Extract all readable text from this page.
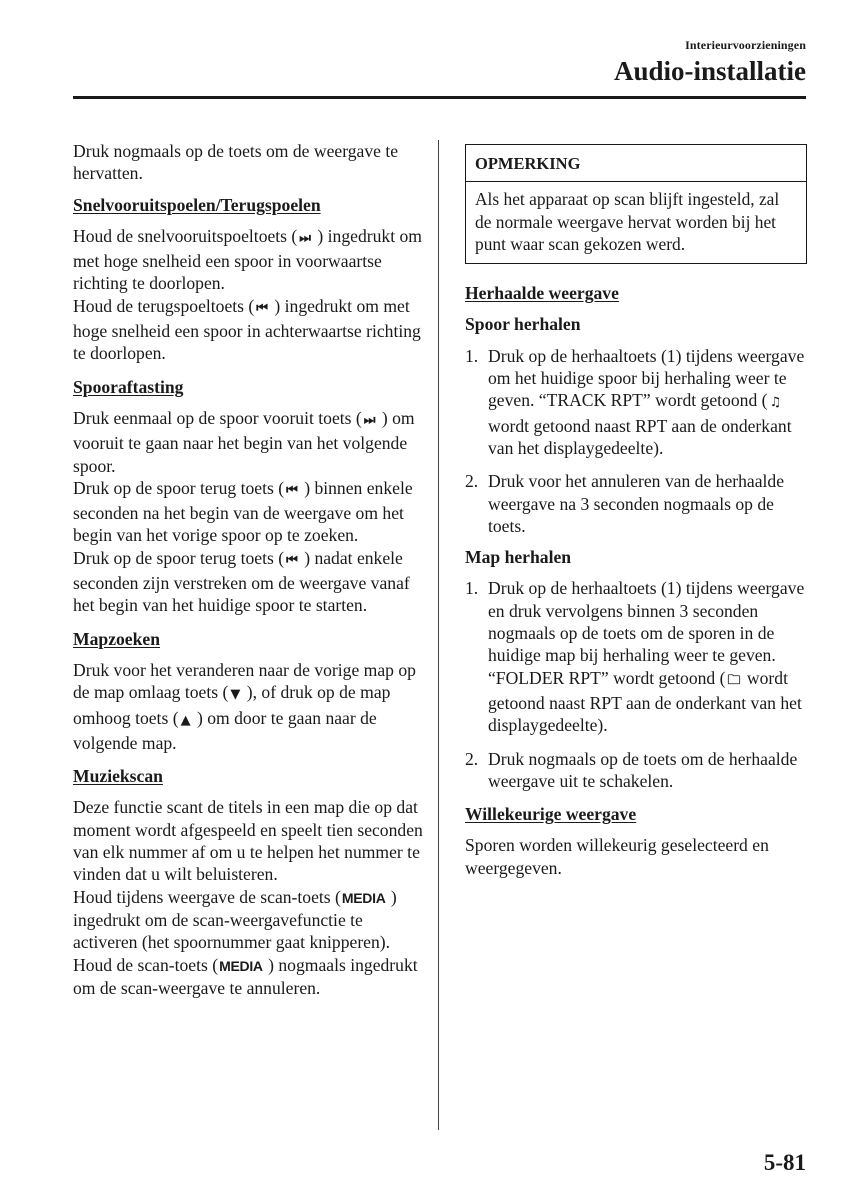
Interieurvoorzieningen
Audio-installatie

Druk nogmaals op de toets om de weergave te hervatten.

Snelvooruitspoelen/Terugspoelen

Houd de snelvooruitspoeltoets ( ⏭ ) ingedrukt om met hoge snelheid een spoor in voorwaartse richting te doorlopen.

Houd de terugspoeltoets ( ⏮ ) ingedrukt om met hoge snelheid een spoor in achterwaartse richting te doorlopen.

Spooraftasting

Druk eenmaal op de spoor vooruit toets ( ⏭ ) om vooruit te gaan naar het begin van het volgende spoor.

Druk op de spoor terug toets ( ⏮ ) binnen enkele seconden na het begin van de weergave om het begin van het vorige spoor op te zoeken.

Druk op de spoor terug toets ( ⏮ ) nadat enkele seconden zijn verstreken om de weergave vanaf het begin van het huidige spoor te starten.

Mapzoeken

Druk voor het veranderen naar de vorige map op de map omlaag toets ( ▼ ), of druk op de map omhoog toets ( ▲ ) om door te gaan naar de volgende map.

Muziekscan

Deze functie scant de titels in een map die op dat moment wordt afgespeeld en speelt tien seconden van elk nummer af om u te helpen het nummer te vinden dat u wilt beluisteren.

Houd tijdens weergave de scan-toets (MEDIA ) ingedrukt om de scan-weergavefunctie te activeren (het spoornummer gaat knipperen). Houd de scan-toets (MEDIA ) nogmaals ingedrukt om de scan-weergave te annuleren.

OPMERKING
Als het apparaat op scan blijft ingesteld, zal de normale weergave hervat worden bij het punt waar scan gekozen werd.

Herhaalde weergave

Spoor herhalen

1. Druk op de herhaaltoets (1) tijdens weergave om het huidige spoor bij herhaling weer te geven. “TRACK RPT” wordt getoond ( ♫ wordt getoond naast RPT aan de onderkant van het displaygedeelte).
2. Druk voor het annuleren van de herhaalde weergave na 3 seconden nogmaals op de toets.

Map herhalen

1. Druk op de herhaaltoets (1) tijdens weergave en druk vervolgens binnen 3 seconden nogmaals op de toets om de sporen in de huidige map bij herhaling weer te geven. “FOLDER RPT” wordt getoond ( 🗀 wordt getoond naast RPT aan de onderkant van het displaygedeelte).
2. Druk nogmaals op de toets om de herhaalde weergave uit te schakelen.

Willekeurige weergave

Sporen worden willekeurig geselecteerd en weergegeven.

5-81
